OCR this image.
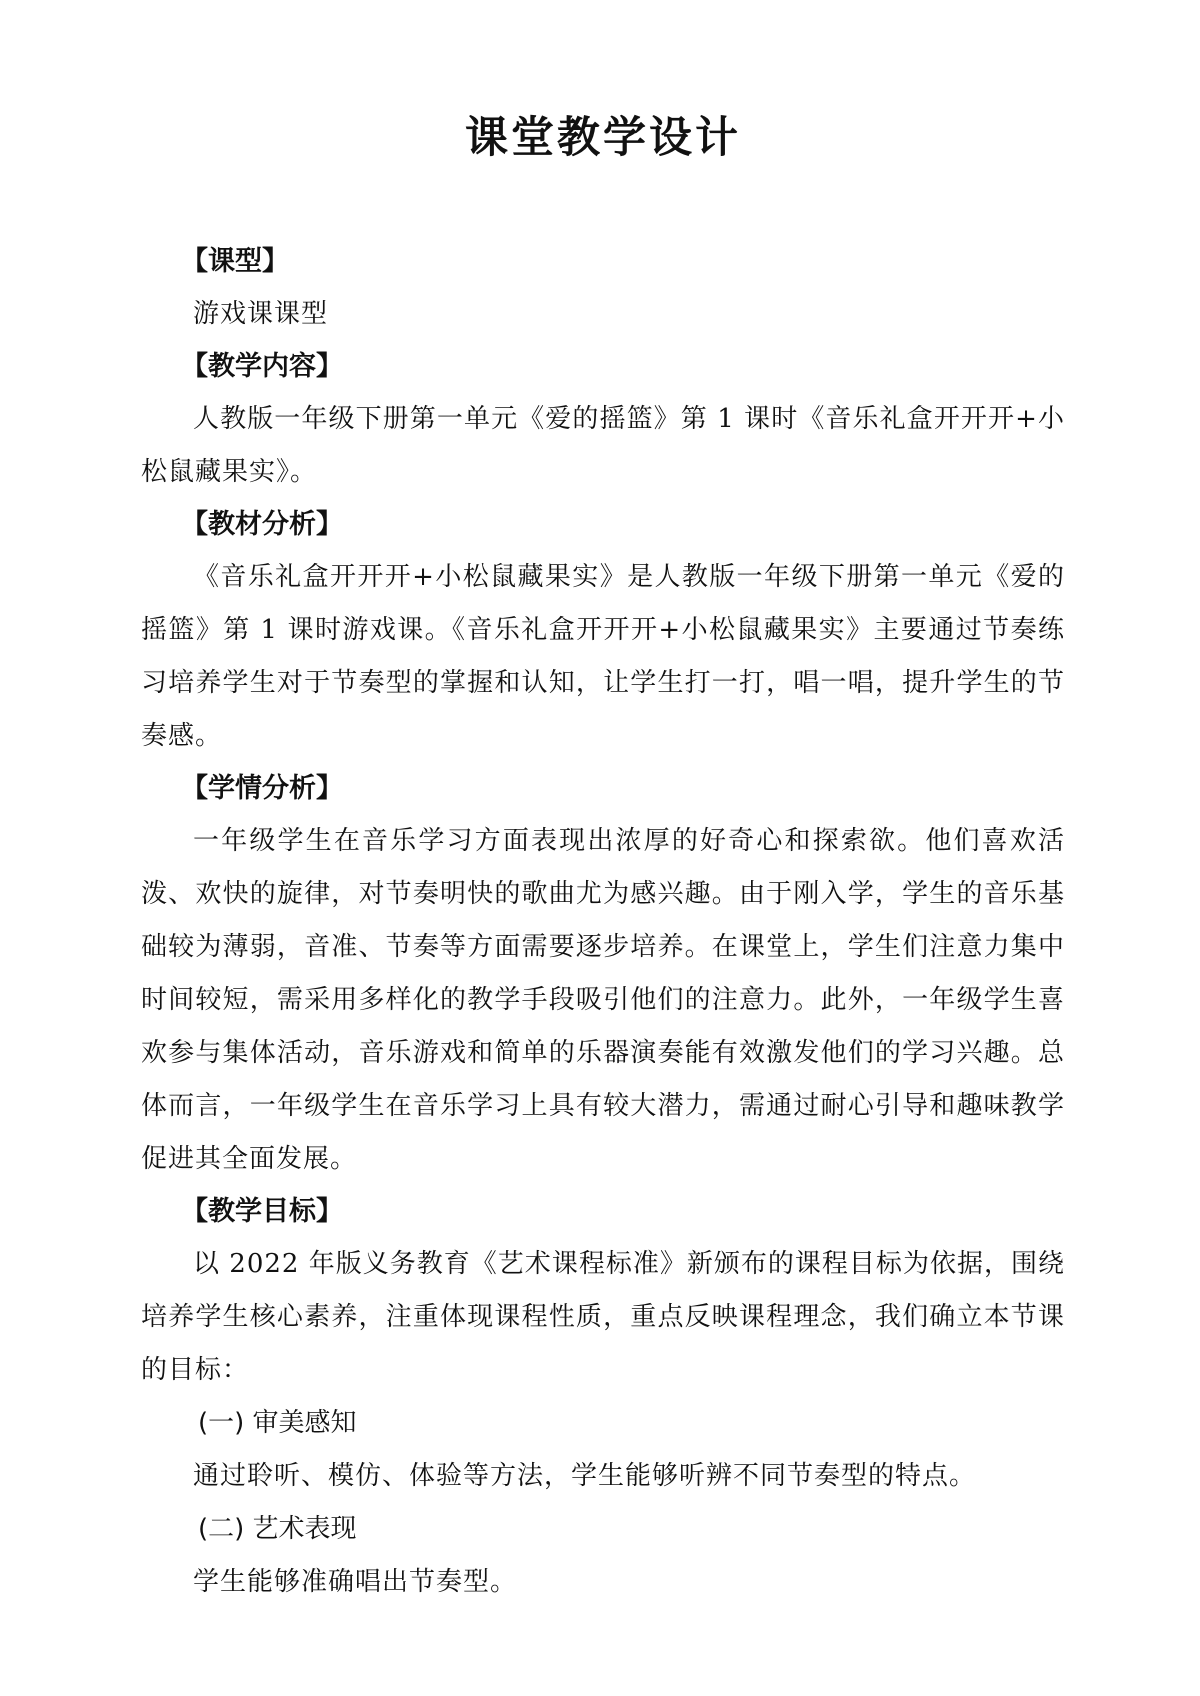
课堂教学设计
【课型】

游戏课课型

【教学内容】

人教版一年级下册第一单元《爱的摇篮》第 1 课时《音乐礼盒开开开+小松鼠藏果实》。

【教材分析】

《音乐礼盒开开开+小松鼠藏果实》是人教版一年级下册第一单元《爱的摇篮》第 1 课时游戏课。《音乐礼盒开开开+小松鼠藏果实》主要通过节奏练习培养学生对于节奏型的掌握和认知，让学生打一打，唱一唱，提升学生的节奏感。

【学情分析】

一年级学生在音乐学习方面表现出浓厚的好奇心和探索欲。他们喜欢活泼、欢快的旋律，对节奏明快的歌曲尤为感兴趣。由于刚入学，学生的音乐基础较为薄弱，音准、节奏等方面需要逐步培养。在课堂上，学生们注意力集中时间较短，需采用多样化的教学手段吸引他们的注意力。此外，一年级学生喜欢参与集体活动，音乐游戏和简单的乐器演奏能有效激发他们的学习兴趣。总体而言，一年级学生在音乐学习上具有较大潜力，需通过耐心引导和趣味教学促进其全面发展。

【教学目标】

以 2022 年版义务教育《艺术课程标准》新颁布的课程目标为依据，围绕培养学生核心素养，注重体现课程性质，重点反映课程理念，我们确立本节课的目标：

(一) 审美感知

通过聆听、模仿、体验等方法，学生能够听辨不同节奏型的特点。

(二) 艺术表现

学生能够准确唱出节奏型。
